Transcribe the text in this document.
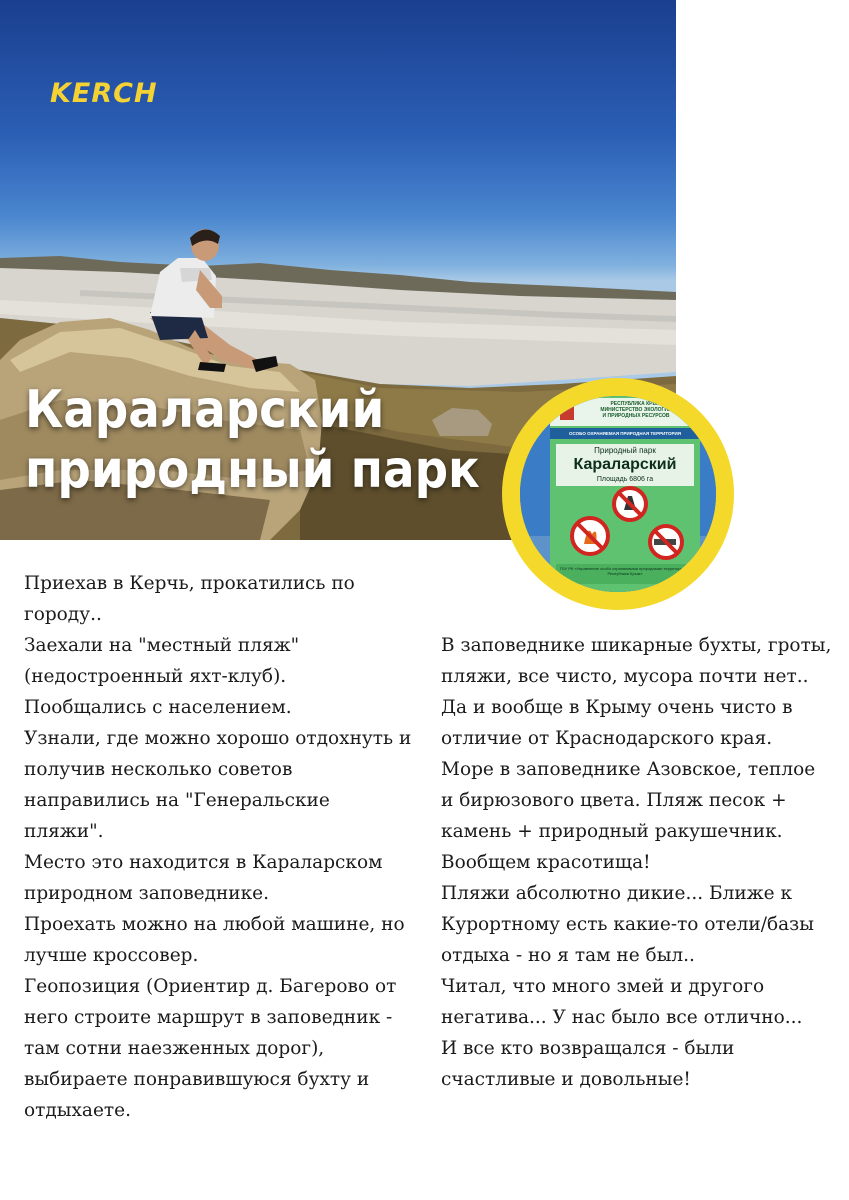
KERCH
Караларский
природный парк
РЕСПУБЛИКА КРЫМ
МИНИСТЕРСТВО ЭКОЛОГИИ
И ПРИРОДНЫХ РЕСУРСОВ
ОСОБО ОХРАНЯЕМАЯ ПРИРОДНАЯ ТЕРРИТОРИЯ
Природный парк
Караларский
Площадь 6806 га
ГБУ РК «Управление особо охраняемыми природными территориями Республики Крым»

Приехав в Керчь, прокатились по городу..

Заехали на "местный пляж" (недостроенный яхт-клуб).

Пообщались с населением.

Узнали, где можно хорошо отдохнуть и получив несколько советов направились на "Генеральские пляжи".

Место это находится в Караларском природном заповеднике.

Проехать можно на любой машине, но лучше кроссовер.

Геопозиция (Ориентир д. Багерово от него строите маршрут в заповедник - там сотни наезженных дорог), выбираете понравившуюся бухту и отдыхаете.

В заповеднике шикарные бухты, гроты, пляжи, все чисто, мусора почти нет..

Да и вообще в Крыму очень чисто в отличие от Краснодарского края.

Море в заповеднике Азовское, теплое и бирюзового цвета. Пляж песок + камень + природный ракушечник.

Вообщем красотища!

Пляжи абсолютно дикие... Ближе к Курортному есть какие-то отели/базы отдыха - но я там не был..

Читал, что много змей и другого негатива... У нас было все отлично...

И все кто возвращался - были счастливые и довольные!
